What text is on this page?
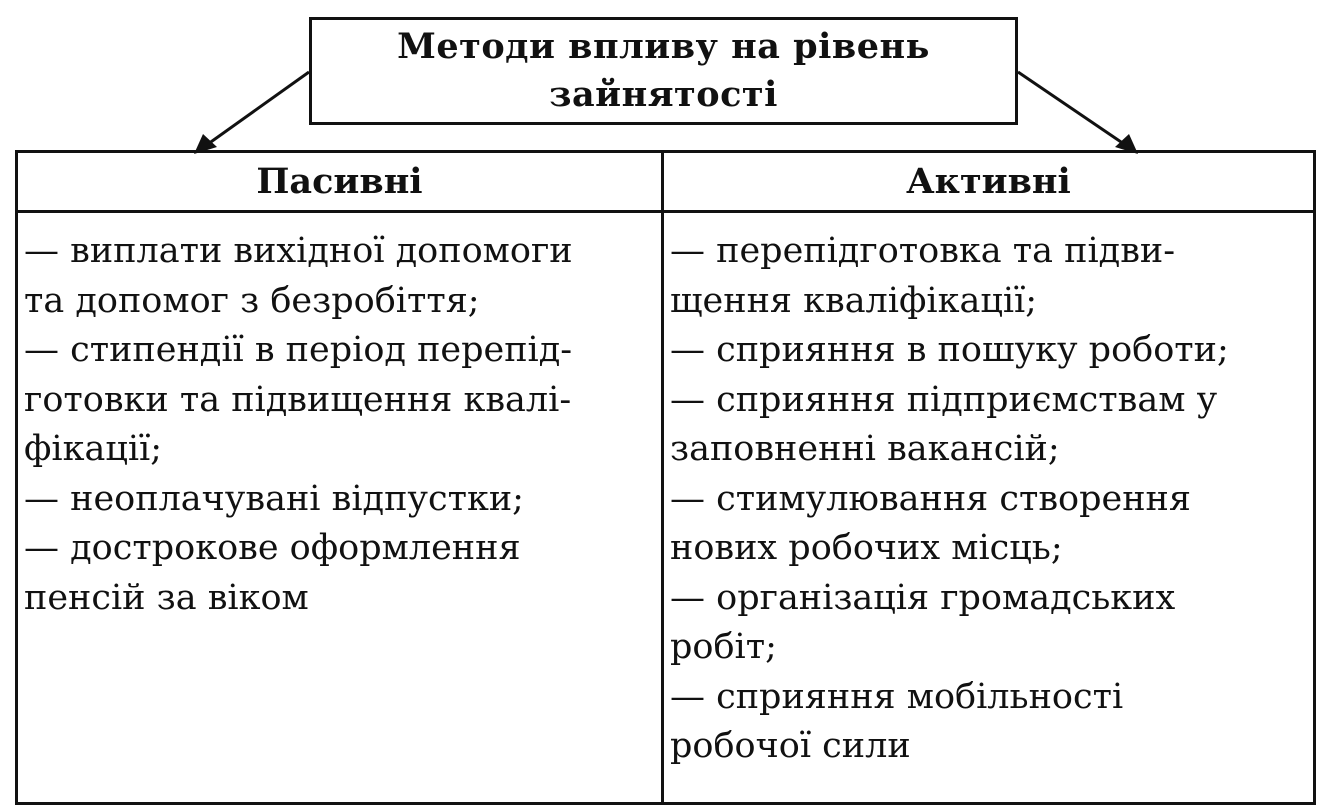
Методи впливу на рівень зайнятості
Пасивні

— виплати вихідної допомоги

та допомог з безробіття;

— стипендії в період перепід-

готовки та підвищення квалі-

фікації;

— неоплачувані відпустки;

— дострокове оформлення

пенсій за віком

Активні

— перепідготовка та підви-

щення кваліфікації;

— сприяння в пошуку роботи;

— сприяння підприємствам у

заповненні вакансій;

— стимулювання створення

нових робочих місць;

— організація громадських

робіт;

— сприяння мобільності

робочої сили
